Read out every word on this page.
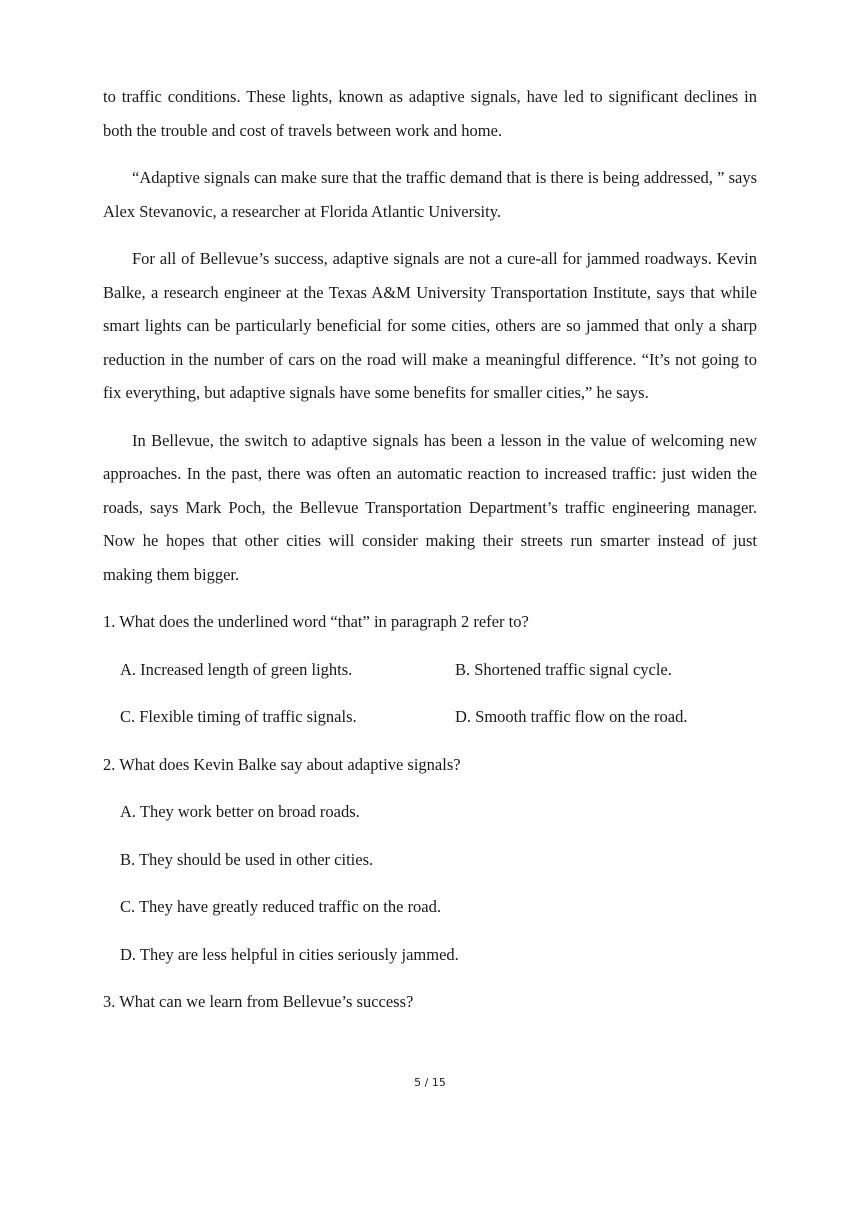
to traffic conditions. These lights, known as adaptive signals, have led to significant declines in both the trouble and cost of travels between work and home.

“Adaptive signals can make sure that the traffic demand that is there is being addressed, ” says Alex Stevanovic, a researcher at Florida Atlantic University.

For all of Bellevue’s success, adaptive signals are not a cure-all for jammed roadways. Kevin Balke, a research engineer at the Texas A&M University Transportation Institute, says that while smart lights can be particularly beneficial for some cities, others are so jammed that only a sharp reduction in the number of cars on the road will make a meaningful difference. “It’s not going to fix everything, but adaptive signals have some benefits for smaller cities,” he says.

In Bellevue, the switch to adaptive signals has been a lesson in the value of welcoming new approaches. In the past, there was often an automatic reaction to increased traffic: just widen the roads, says Mark Poch, the Bellevue Transportation Department’s traffic engineering manager. Now he hopes that other cities will consider making their streets run smarter instead of just making them bigger.

1. What does the underlined word “that” in paragraph 2 refer to?
A. Increased length of green lights.	B. Shortened traffic signal cycle.
C. Flexible timing of traffic signals.	D. Smooth traffic flow on the road.
2. What does Kevin Balke say about adaptive signals?
A. They work better on broad roads.
B. They should be used in other cities.
C. They have greatly reduced traffic on the road.
D. They are less helpful in cities seriously jammed.
3. What can we learn from Bellevue’s success?
5 / 15
